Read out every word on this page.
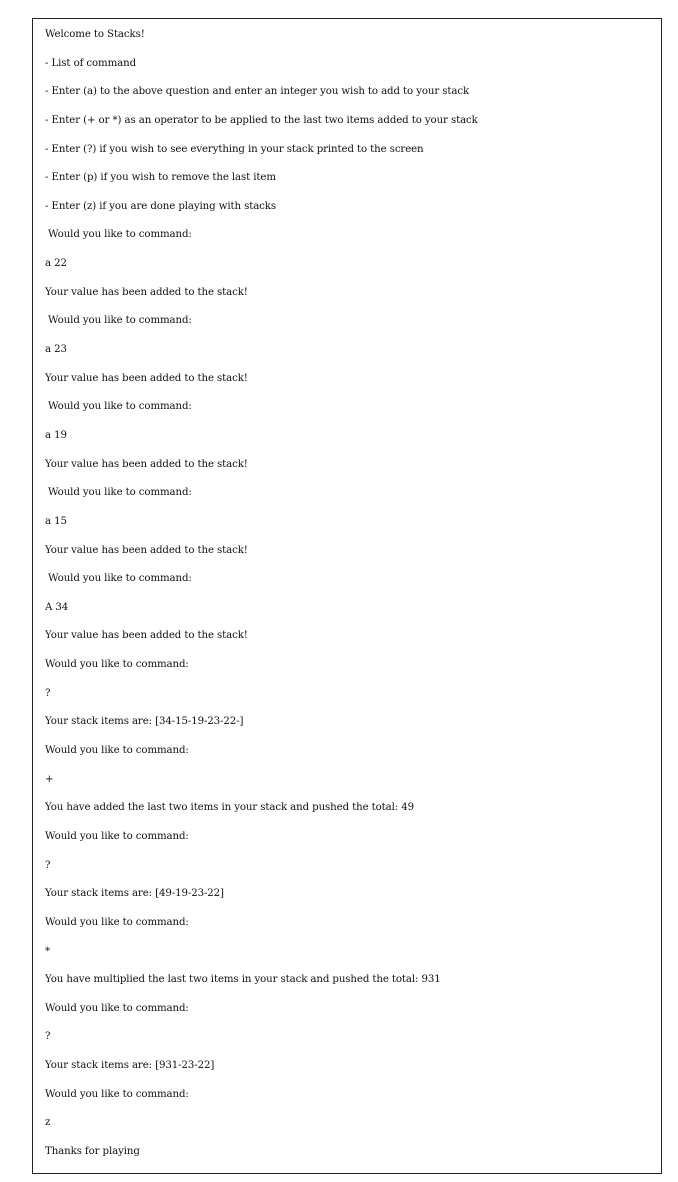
Welcome to Stacks!
- List of command
- Enter (a) to the above question and enter an integer you wish to add to your stack
- Enter (+ or *) as an operator to be applied to the last two items added to your stack
- Enter (?) if you wish to see everything in your stack printed to the screen
- Enter (p) if you wish to remove the last item
- Enter (z) if you are done playing with stacks
Would you like to command:
a 22
Your value has been added to the stack!
Would you like to command:
a 23
Your value has been added to the stack!
Would you like to command:
a 19
Your value has been added to the stack!
Would you like to command:
a 15
Your value has been added to the stack!
Would you like to command:
A 34
Your value has been added to the stack!
Would you like to command:
?
Your stack items are: [34-15-19-23-22-]
Would you like to command:
+
You have added the last two items in your stack and pushed the total: 49
Would you like to command:
?
Your stack items are: [49-19-23-22]
Would you like to command:
*
You have multiplied the last two items in your stack and pushed the total: 931
Would you like to command:
?
Your stack items are: [931-23-22]
Would you like to command:
z
Thanks for playing
